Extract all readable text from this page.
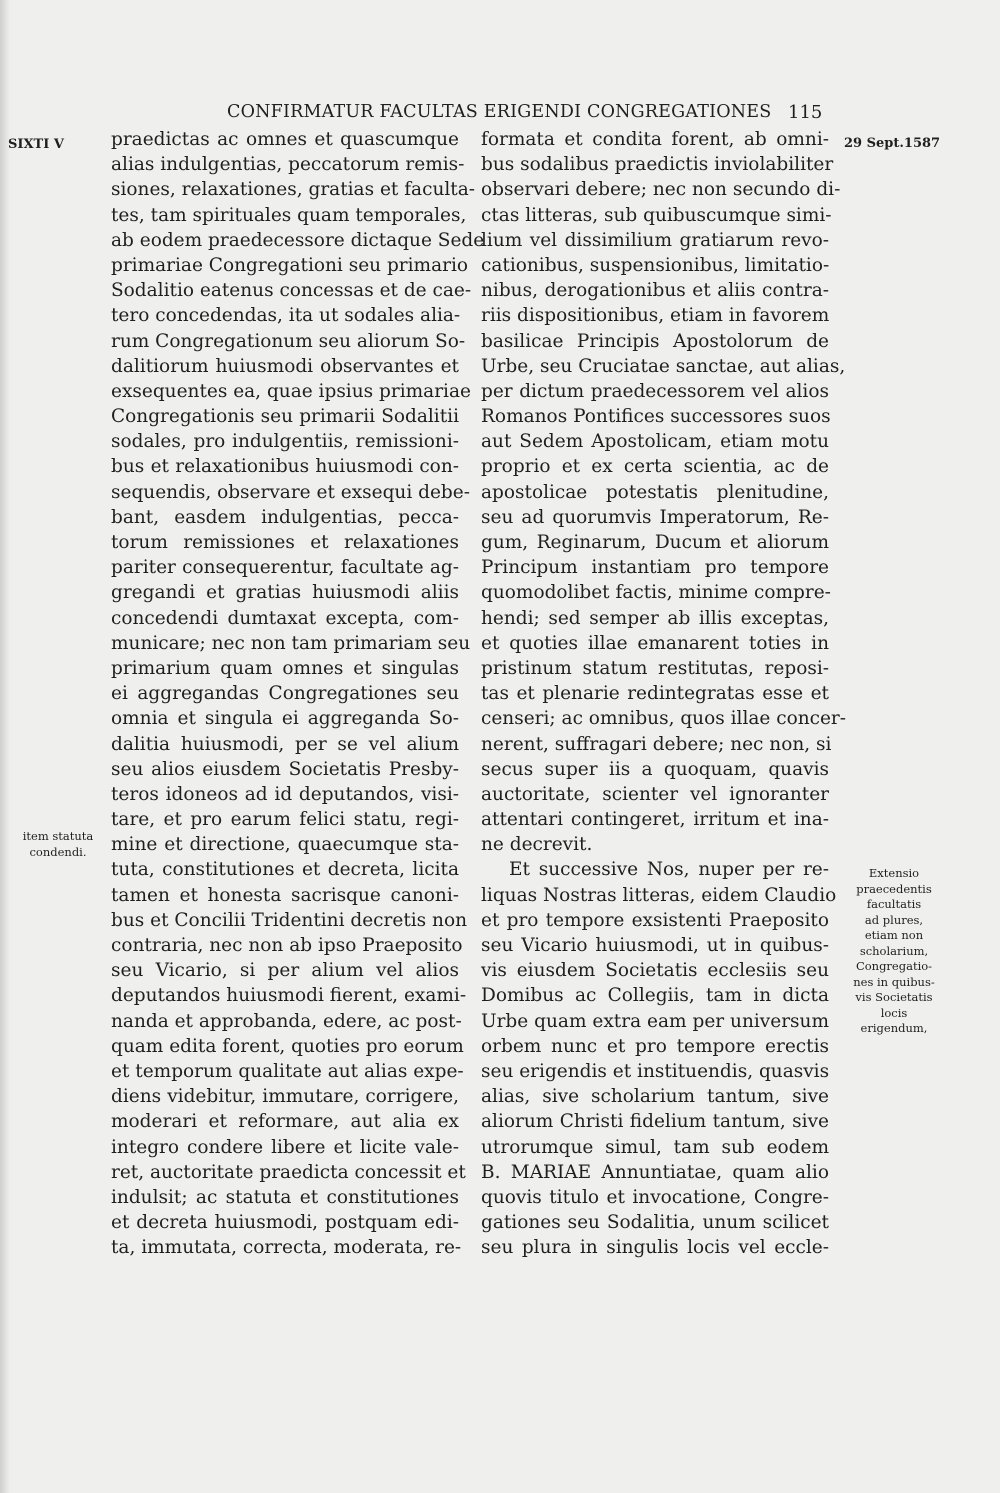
CONFIRMATUR FACULTAS ERIGENDI CONGREGATIONES 115
SIXTI V	29 Sept.1587
praedictas ac omnes et quascumque
alias indulgentias, peccatorum remis-
siones, relaxationes, gratias et faculta-
tes, tam spirituales quam temporales,
ab eodem praedecessore dictaque Sede
primariae Congregationi seu primario
Sodalitio eatenus concessas et de cae-
tero concedendas, ita ut sodales alia-
rum Congregationum seu aliorum So-
dalitiorum huiusmodi observantes et
exsequentes ea, quae ipsius primariae
Congregationis seu primarii Sodalitii
sodales, pro indulgentiis, remissioni-
bus et relaxationibus huiusmodi con-
sequendis, observare et exsequi debe-
bant, easdem indulgentias, pecca-
torum remissiones et relaxationes
pariter consequerentur, facultate ag-
gregandi et gratias huiusmodi aliis
concedendi dumtaxat excepta, com-
municare; nec non tam primariam seu
primarium quam omnes et singulas
ei aggregandas Congregationes seu
omnia et singula ei aggreganda So-
dalitia huiusmodi, per se vel alium
seu alios eiusdem Societatis Presby-
teros idoneos ad id deputandos, visi-
tare, et pro earum felici statu, regi-
mine et directione, quaecumque sta-
tuta, constitutiones et decreta, licita
tamen et honesta sacrisque canoni-
bus et Concilii Tridentini decretis non
contraria, nec non ab ipso Praeposito
seu Vicario, si per alium vel alios
deputandos huiusmodi fierent, exami-
nanda et approbanda, edere, ac post-
quam edita forent, quoties pro eorum
et temporum qualitate aut alias expe-
diens videbitur, immutare, corrigere,
moderari et reformare, aut alia ex
integro condere libere et licite vale-
ret, auctoritate praedicta concessit et
indulsit; ac statuta et constitutiones
et decreta huiusmodi, postquam edi-
ta, immutata, correcta, moderata, re-
formata et condita forent, ab omni-
bus sodalibus praedictis inviolabiliter
observari debere; nec non secundo di-
ctas litteras, sub quibuscumque simi-
lium vel dissimilium gratiarum revo-
cationibus, suspensionibus, limitatio-
nibus, derogationibus et aliis contra-
riis dispositionibus, etiam in favorem
basilicae Principis Apostolorum de
Urbe, seu Cruciatae sanctae, aut alias,
per dictum praedecessorem vel alios
Romanos Pontifices successores suos
aut Sedem Apostolicam, etiam motu
proprio et ex certa scientia, ac de
apostolicae potestatis plenitudine,
seu ad quorumvis Imperatorum, Re-
gum, Reginarum, Ducum et aliorum
Principum instantiam pro tempore
quomodolibet factis, minime compre-
hendi; sed semper ab illis exceptas,
et quoties illae emanarent toties in
pristinum statum restitutas, reposi-
tas et plenarie redintegratas esse et
censeri; ac omnibus, quos illae concer-
nerent, suffragari debere; nec non, si
secus super iis a quoquam, quavis
auctoritate, scienter vel ignoranter
attentari contingeret, irritum et ina-
ne decrevit.
Et successive Nos, nuper per re-
liquas Nostras litteras, eidem Claudio
et pro tempore exsistenti Praeposito
seu Vicario huiusmodi, ut in quibus-
vis eiusdem Societatis ecclesiis seu
Domibus ac Collegiis, tam in dicta
Urbe quam extra eam per universum
orbem nunc et pro tempore erectis
seu erigendis et instituendis, quasvis
alias, sive scholarium tantum, sive
aliorum Christi fidelium tantum, sive
utrorumque simul, tam sub eodem
B. MARIAE Annuntiatae, quam alio
quovis titulo et invocatione, Congre-
gationes seu Sodalitia, unum scilicet
seu plura in singulis locis vel eccle-
item statuta
condendi.
Extensio
praecedentis
facultatis
ad plures,
etiam non
scholarium,
Congregatio-
nes in quibus-
vis Societatis
locis
erigendum,
